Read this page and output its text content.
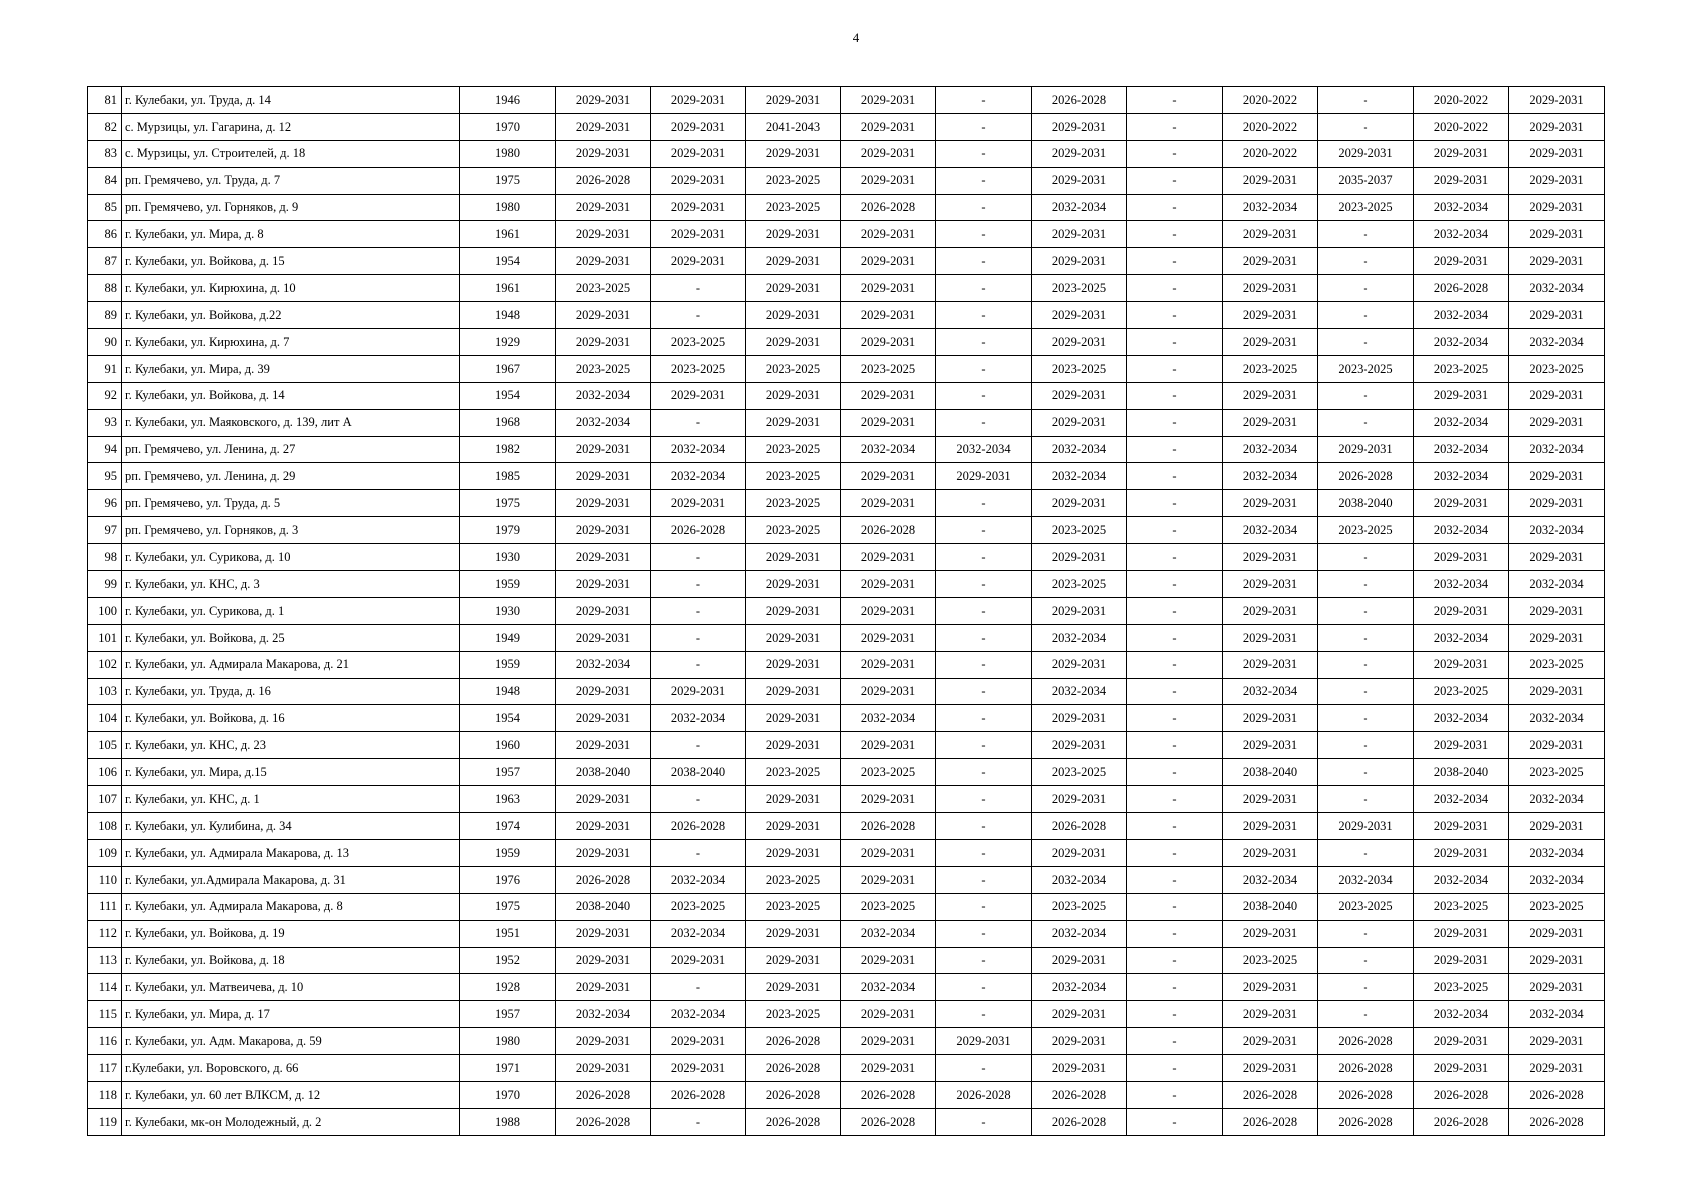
4
81	г. Кулебаки, ул. Труда, д. 14	1946	2029-2031	2029-2031	2029-2031	2029-2031	-	2026-2028	-	2020-2022	-	2020-2022	2029-2031
82	с. Мурзицы, ул. Гагарина, д. 12	1970	2029-2031	2029-2031	2041-2043	2029-2031	-	2029-2031	-	2020-2022	-	2020-2022	2029-2031
83	с. Мурзицы, ул. Строителей, д. 18	1980	2029-2031	2029-2031	2029-2031	2029-2031	-	2029-2031	-	2020-2022	2029-2031	2029-2031	2029-2031
84	рп. Гремячево, ул. Труда, д. 7	1975	2026-2028	2029-2031	2023-2025	2029-2031	-	2029-2031	-	2029-2031	2035-2037	2029-2031	2029-2031
85	рп. Гремячево, ул. Горняков, д. 9	1980	2029-2031	2029-2031	2023-2025	2026-2028	-	2032-2034	-	2032-2034	2023-2025	2032-2034	2029-2031
86	г. Кулебаки, ул. Мира, д. 8	1961	2029-2031	2029-2031	2029-2031	2029-2031	-	2029-2031	-	2029-2031	-	2032-2034	2029-2031
87	г. Кулебаки, ул. Войкова, д. 15	1954	2029-2031	2029-2031	2029-2031	2029-2031	-	2029-2031	-	2029-2031	-	2029-2031	2029-2031
88	г. Кулебаки, ул. Кирюхина, д. 10	1961	2023-2025	-	2029-2031	2029-2031	-	2023-2025	-	2029-2031	-	2026-2028	2032-2034
89	г. Кулебаки, ул. Войкова, д.22	1948	2029-2031	-	2029-2031	2029-2031	-	2029-2031	-	2029-2031	-	2032-2034	2029-2031
90	г. Кулебаки, ул. Кирюхина, д. 7	1929	2029-2031	2023-2025	2029-2031	2029-2031	-	2029-2031	-	2029-2031	-	2032-2034	2032-2034
91	г. Кулебаки, ул. Мира, д. 39	1967	2023-2025	2023-2025	2023-2025	2023-2025	-	2023-2025	-	2023-2025	2023-2025	2023-2025	2023-2025
92	г. Кулебаки, ул. Войкова, д. 14	1954	2032-2034	2029-2031	2029-2031	2029-2031	-	2029-2031	-	2029-2031	-	2029-2031	2029-2031
93	г. Кулебаки, ул. Маяковского, д. 139, лит А	1968	2032-2034	-	2029-2031	2029-2031	-	2029-2031	-	2029-2031	-	2032-2034	2029-2031
94	рп. Гремячево, ул. Ленина, д. 27	1982	2029-2031	2032-2034	2023-2025	2032-2034	2032-2034	2032-2034	-	2032-2034	2029-2031	2032-2034	2032-2034
95	рп. Гремячево, ул. Ленина, д. 29	1985	2029-2031	2032-2034	2023-2025	2029-2031	2029-2031	2032-2034	-	2032-2034	2026-2028	2032-2034	2029-2031
96	рп. Гремячево, ул. Труда, д. 5	1975	2029-2031	2029-2031	2023-2025	2029-2031	-	2029-2031	-	2029-2031	2038-2040	2029-2031	2029-2031
97	рп. Гремячево, ул. Горняков, д. 3	1979	2029-2031	2026-2028	2023-2025	2026-2028	-	2023-2025	-	2032-2034	2023-2025	2032-2034	2032-2034
98	г. Кулебаки, ул. Сурикова, д. 10	1930	2029-2031	-	2029-2031	2029-2031	-	2029-2031	-	2029-2031	-	2029-2031	2029-2031
99	г. Кулебаки, ул. КНС, д. 3	1959	2029-2031	-	2029-2031	2029-2031	-	2023-2025	-	2029-2031	-	2032-2034	2032-2034
100	г. Кулебаки, ул. Сурикова, д. 1	1930	2029-2031	-	2029-2031	2029-2031	-	2029-2031	-	2029-2031	-	2029-2031	2029-2031
101	г. Кулебаки, ул. Войкова, д. 25	1949	2029-2031	-	2029-2031	2029-2031	-	2032-2034	-	2029-2031	-	2032-2034	2029-2031
102	г. Кулебаки, ул. Адмирала Макарова, д. 21	1959	2032-2034	-	2029-2031	2029-2031	-	2029-2031	-	2029-2031	-	2029-2031	2023-2025
103	г. Кулебаки, ул. Труда, д. 16	1948	2029-2031	2029-2031	2029-2031	2029-2031	-	2032-2034	-	2032-2034	-	2023-2025	2029-2031
104	г. Кулебаки, ул. Войкова, д. 16	1954	2029-2031	2032-2034	2029-2031	2032-2034	-	2029-2031	-	2029-2031	-	2032-2034	2032-2034
105	г. Кулебаки, ул. КНС, д. 23	1960	2029-2031	-	2029-2031	2029-2031	-	2029-2031	-	2029-2031	-	2029-2031	2029-2031
106	г. Кулебаки, ул. Мира, д.15	1957	2038-2040	2038-2040	2023-2025	2023-2025	-	2023-2025	-	2038-2040	-	2038-2040	2023-2025
107	г. Кулебаки, ул. КНС, д. 1	1963	2029-2031	-	2029-2031	2029-2031	-	2029-2031	-	2029-2031	-	2032-2034	2032-2034
108	г. Кулебаки, ул. Кулибина, д. 34	1974	2029-2031	2026-2028	2029-2031	2026-2028	-	2026-2028	-	2029-2031	2029-2031	2029-2031	2029-2031
109	г. Кулебаки, ул. Адмирала Макарова, д. 13	1959	2029-2031	-	2029-2031	2029-2031	-	2029-2031	-	2029-2031	-	2029-2031	2032-2034
110	г. Кулебаки, ул.Адмирала Макарова, д. 31	1976	2026-2028	2032-2034	2023-2025	2029-2031	-	2032-2034	-	2032-2034	2032-2034	2032-2034	2032-2034
111	г. Кулебаки, ул. Адмирала Макарова, д. 8	1975	2038-2040	2023-2025	2023-2025	2023-2025	-	2023-2025	-	2038-2040	2023-2025	2023-2025	2023-2025
112	г. Кулебаки, ул. Войкова, д. 19	1951	2029-2031	2032-2034	2029-2031	2032-2034	-	2032-2034	-	2029-2031	-	2029-2031	2029-2031
113	г. Кулебаки, ул. Войкова, д. 18	1952	2029-2031	2029-2031	2029-2031	2029-2031	-	2029-2031	-	2023-2025	-	2029-2031	2029-2031
114	г. Кулебаки, ул. Матвеичева, д. 10	1928	2029-2031	-	2029-2031	2032-2034	-	2032-2034	-	2029-2031	-	2023-2025	2029-2031
115	г. Кулебаки, ул. Мира, д. 17	1957	2032-2034	2032-2034	2023-2025	2029-2031	-	2029-2031	-	2029-2031	-	2032-2034	2032-2034
116	г. Кулебаки, ул. Адм. Макарова, д. 59	1980	2029-2031	2029-2031	2026-2028	2029-2031	2029-2031	2029-2031	-	2029-2031	2026-2028	2029-2031	2029-2031
117	г.Кулебаки, ул. Воровского, д. 66	1971	2029-2031	2029-2031	2026-2028	2029-2031	-	2029-2031	-	2029-2031	2026-2028	2029-2031	2029-2031
118	г. Кулебаки, ул. 60 лет ВЛКСМ, д. 12	1970	2026-2028	2026-2028	2026-2028	2026-2028	2026-2028	2026-2028	-	2026-2028	2026-2028	2026-2028	2026-2028
119	г. Кулебаки, мк-он Молодежный, д. 2	1988	2026-2028	-	2026-2028	2026-2028	-	2026-2028	-	2026-2028	2026-2028	2026-2028	2026-2028
